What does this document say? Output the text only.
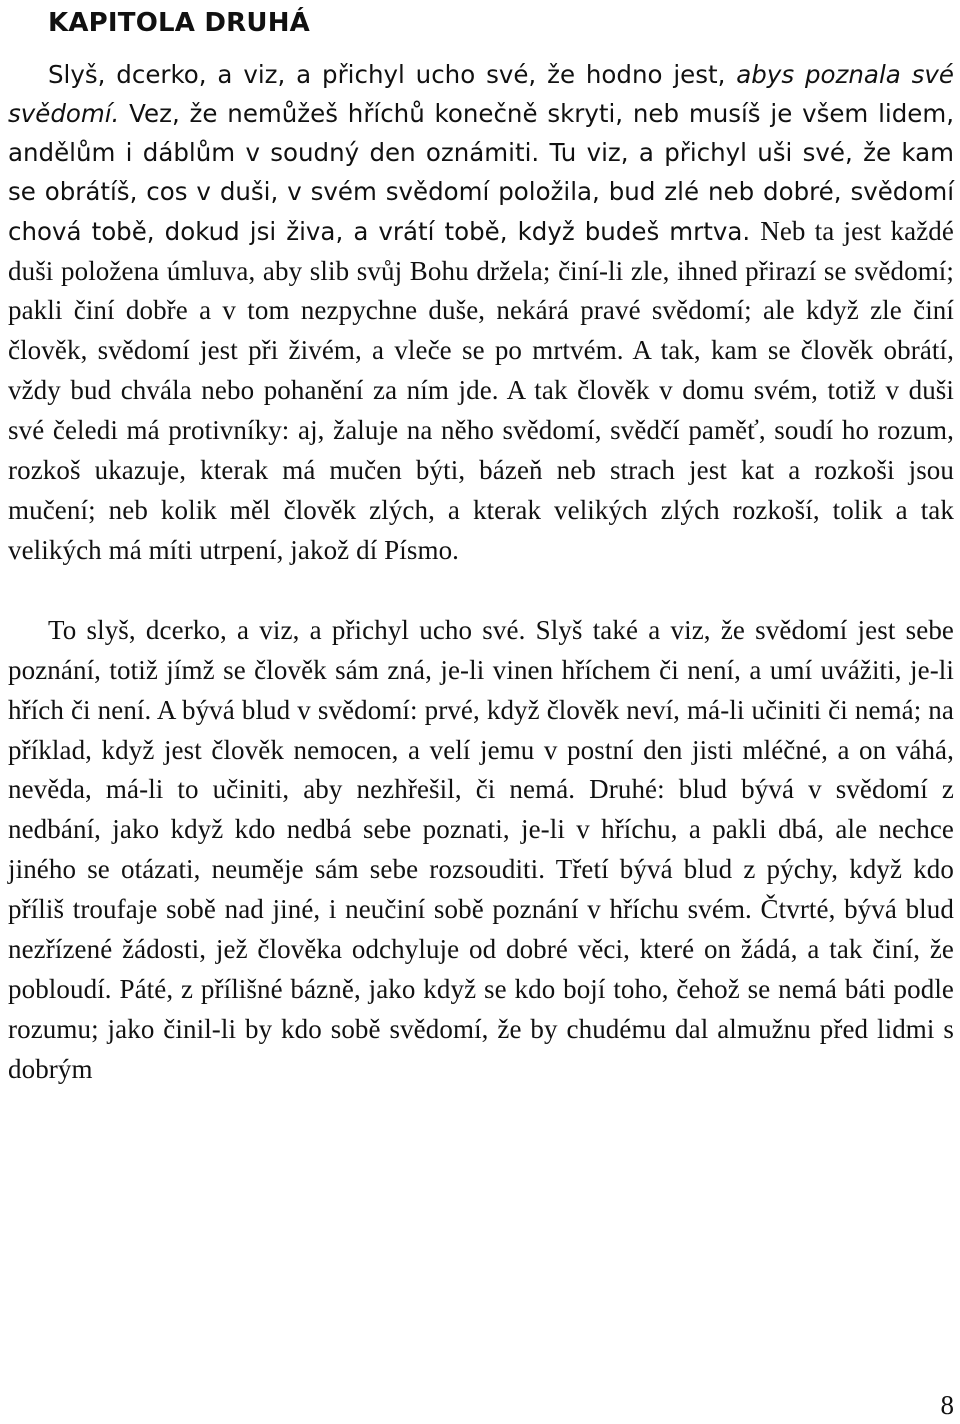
KAPITOLA DRUHÁ

Slyš, dcerko, a viz, a přichyl ucho své, že hodno jest, abys poznala své svědomí. Vez, že nemůžeš hříchů konečně skryti, neb musíš je všem lidem, andělům i dáblům v soudný den oznámiti. Tu viz, a přichyl uši své, že kam se obrátíš, cos v duši, v svém svědomí položila, bud zlé neb dobré, svědomí chová tobě, dokud jsi živa, a vrátí tobě, když budeš mrtva. Neb ta jest každé duši položena úmluva, aby slib svůj Bohu držela; činí-li zle, ihned přirazí se svědomí; pakli činí dobře a v tom nezpychne duše, nekárá pravé svědomí; ale když zle činí člověk, svědomí jest při živém, a vleče se po mrtvém. A tak, kam se člověk obrátí, vždy bud chvála nebo pohanění za ním jde. A tak člověk v domu svém, totiž v duši své čeledi má protivníky: aj, žaluje na něho svědomí, svědčí paměť, soudí ho rozum, rozkoš ukazuje, kterak má mučen býti, bázeň neb strach jest kat a rozkoši jsou mučení; neb kolik měl člověk zlých, a kterak velikých zlých rozkoší, tolik a tak velikých má míti utrpení, jakož dí Písmo.

To slyš, dcerko, a viz, a přichyl ucho své. Slyš také a viz, že svědomí jest sebe poznání, totiž jímž se člověk sám zná, je-li vinen hříchem či není, a umí uvážiti, je-li hřích či není. A bývá blud v svědomí: prvé, když člověk neví, má-li učiniti či nemá; na příklad, když jest člověk nemocen, a velí jemu v postní den jisti mléčné, a on váhá, nevěda, má-li to učiniti, aby nezhřešil, či nemá. Druhé: blud bývá v svědomí z nedbání, jako když kdo nedbá sebe poznati, je-li v hříchu, a pakli dbá, ale nechce jiného se otázati, neuměje sám sebe rozsouditi. Třetí bývá blud z pýchy, když kdo příliš troufaje sobě nad jiné, i neučiní sobě poznání v hříchu svém. Čtvrté, bývá blud nezřízené žádosti, jež člověka odchyluje od dobré věci, které on žádá, a tak činí, že pobloudí. Páté, z přílišné bázně, jako když se kdo bojí toho, čehož se nemá báti podle rozumu; jako činil-li by kdo sobě svědomí, že by chudému dal almužnu před lidmi s dobrým

8
